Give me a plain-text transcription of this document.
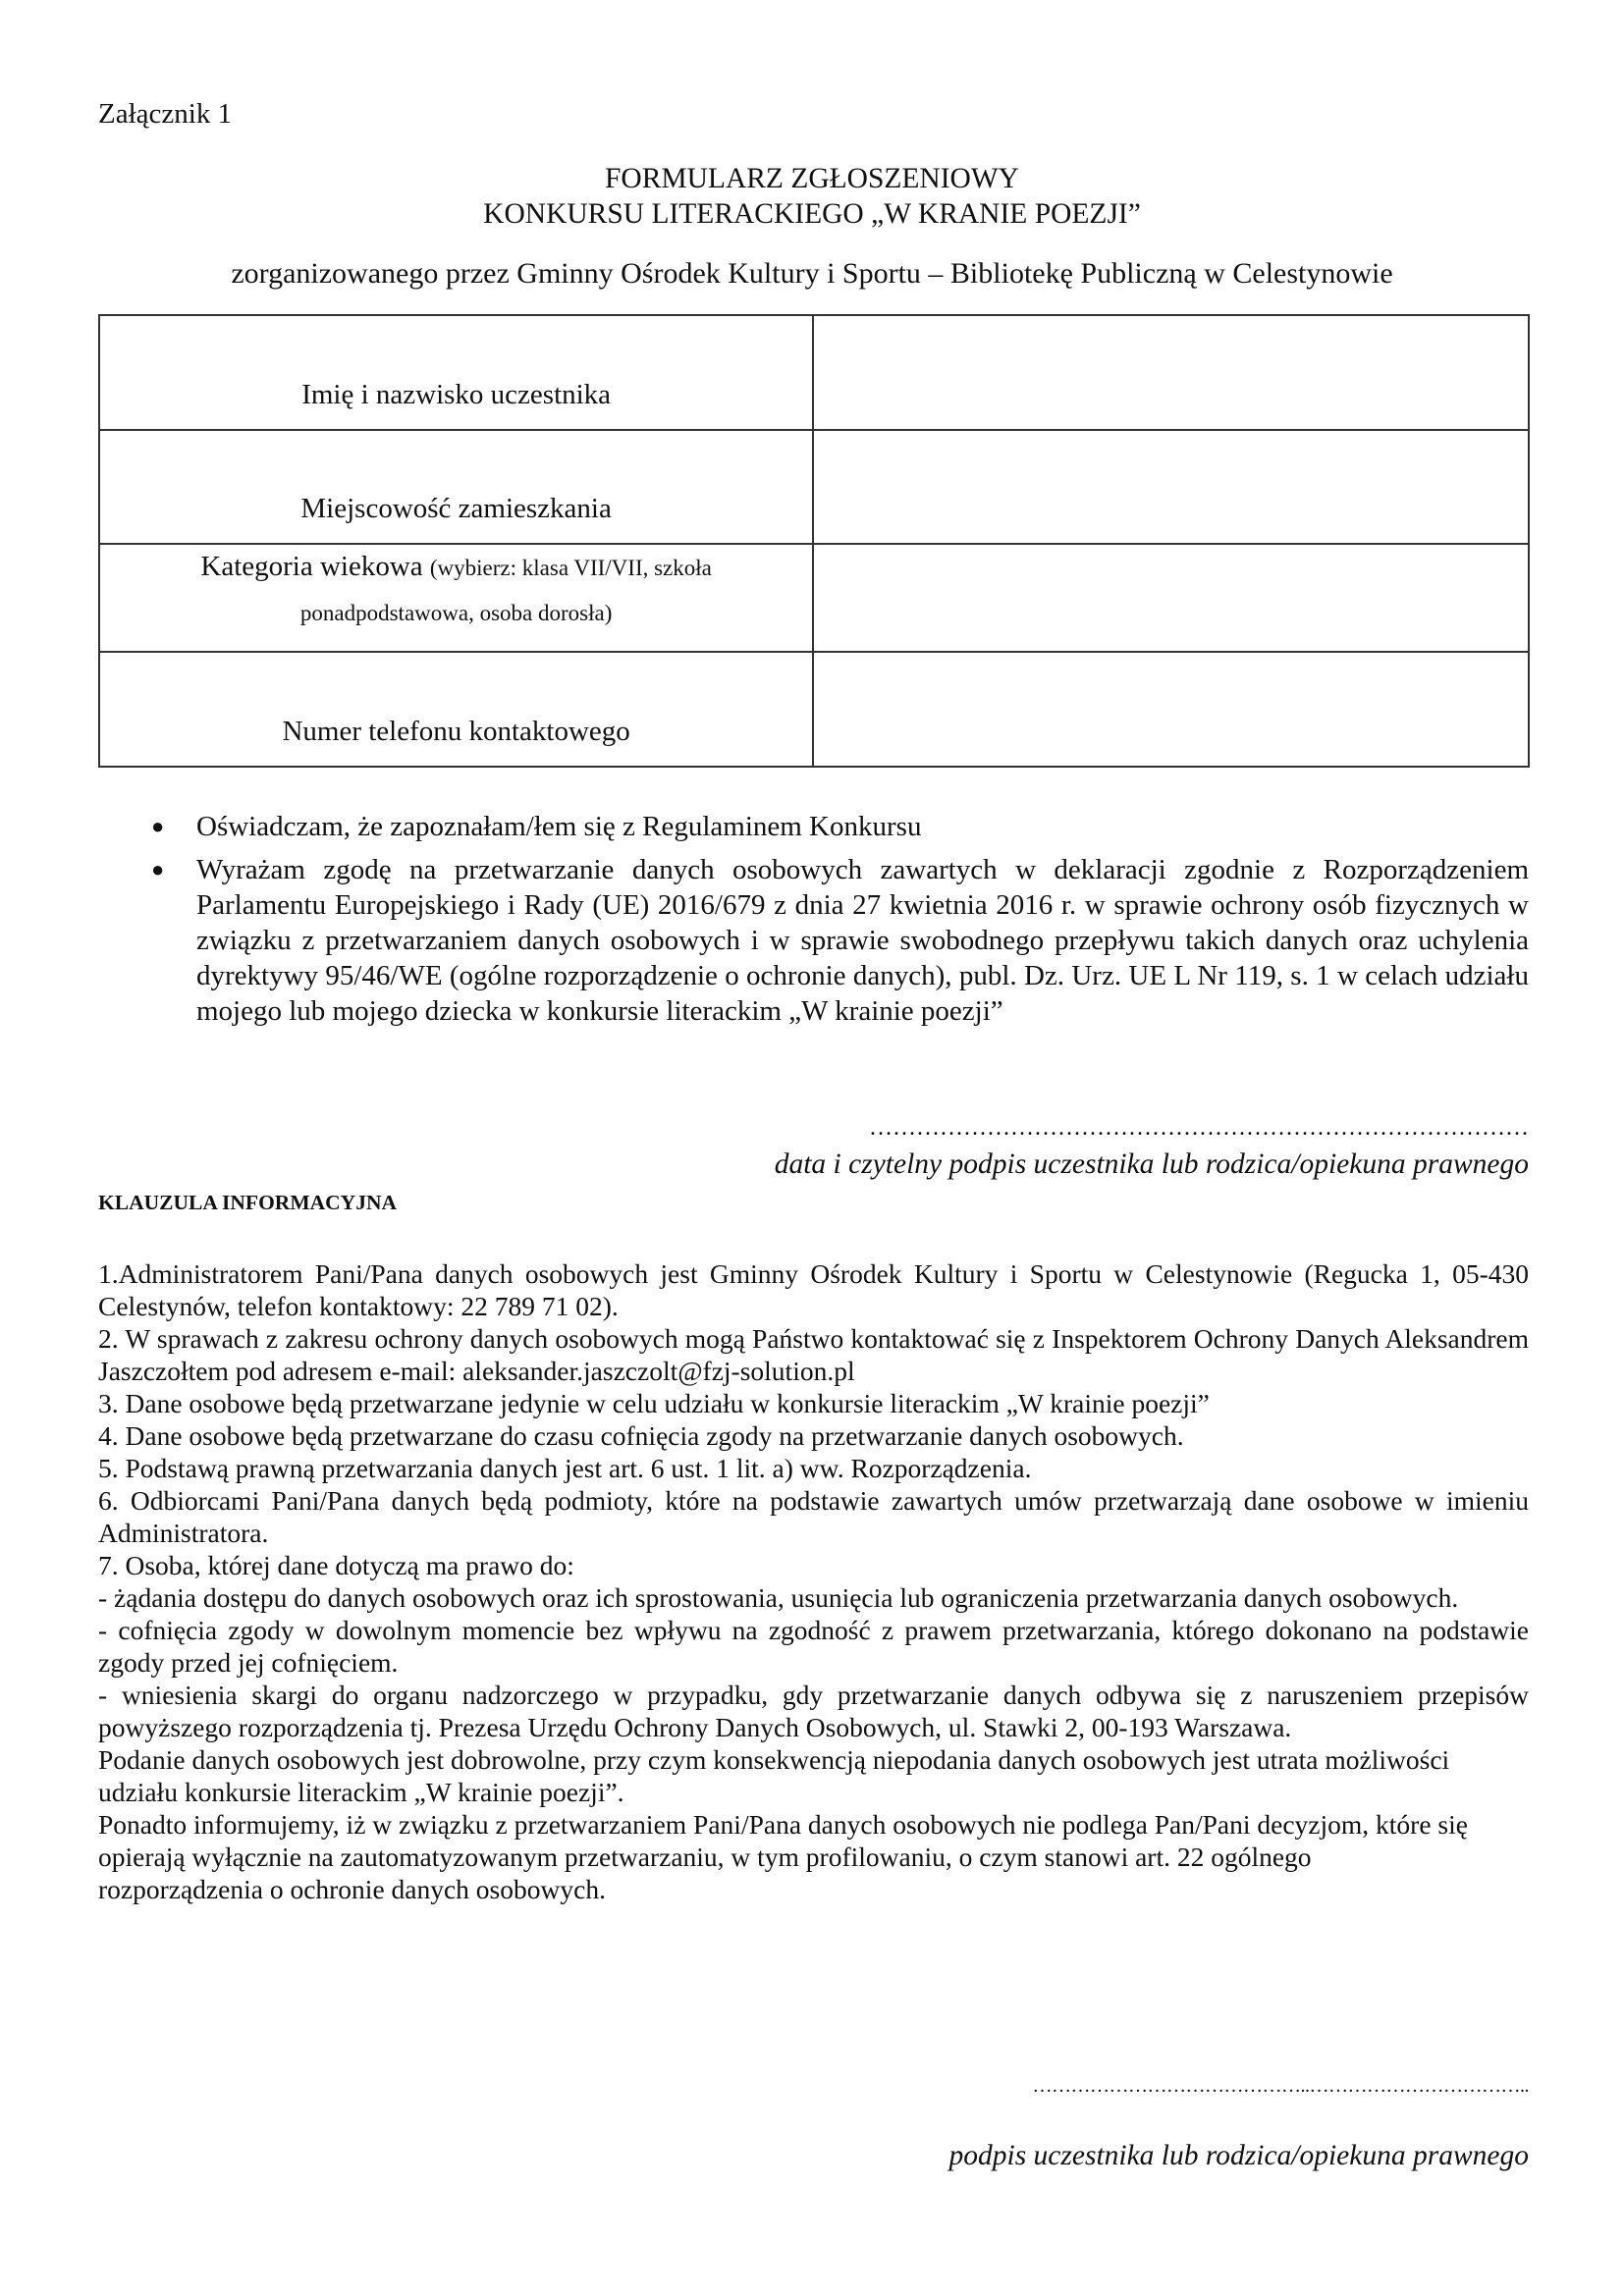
Załącznik 1
FORMULARZ ZGŁOSZENIOWY
KONKURSU LITERACKIEGO „W KRANIE POEZJI”
zorganizowanego przez Gminny Ośrodek Kultury i Sportu – Bibliotekę Publiczną w Celestynowie
Imię i nazwisko uczestnika	

Miejscowość zamieszkania	

Kategoria wiekowa (wybierz: klasa VII/VII, szkoła
ponadpodstawowa, osoba dorosła)	

Numer telefonu kontaktowego	

● Oświadczam, że zapoznałam/łem się z Regulaminem Konkursu
● Wyrażam zgodę na przetwarzanie danych osobowych zawartych w deklaracji zgodnie z Rozporządzeniem Parlamentu Europejskiego i Rady (UE) 2016/679 z dnia 27 kwietnia 2016 r. w sprawie ochrony osób fizycznych w związku z przetwarzaniem danych osobowych i w sprawie swobodnego przepływu takich danych oraz uchylenia dyrektywy 95/46/WE (ogólne rozporządzenie o ochronie danych), publ. Dz. Urz. UE L Nr 119, s. 1 w celach udziału mojego lub mojego dziecka w konkursie literackim „W krainie poezji”
…………………………………………………………………………
data i czytelny podpis uczestnika lub rodzica/opiekuna prawnego
KLAUZULA INFORMACYJNA

1.Administratorem Pani/Pana danych osobowych jest Gminny Ośrodek Kultury i Sportu w Celestynowie (Regucka 1, 05-430 Celestynów, telefon kontaktowy: 22 789 71 02).

2. W sprawach z zakresu ochrony danych osobowych mogą Państwo kontaktować się z Inspektorem Ochrony Danych Aleksandrem Jaszczołtem pod adresem e-mail: aleksander.jaszczolt@fzj-solution.pl

3. Dane osobowe będą przetwarzane jedynie w celu udziału w konkursie literackim „W krainie poezji”

4. Dane osobowe będą przetwarzane do czasu cofnięcia zgody na przetwarzanie danych osobowych.

5. Podstawą prawną przetwarzania danych jest art. 6 ust. 1 lit. a) ww. Rozporządzenia.

6. Odbiorcami Pani/Pana danych będą podmioty, które na podstawie zawartych umów przetwarzają dane osobowe w imieniu Administratora.

7. Osoba, której dane dotyczą ma prawo do:

- żądania dostępu do danych osobowych oraz ich sprostowania, usunięcia lub ograniczenia przetwarzania danych osobowych.

- cofnięcia zgody w dowolnym momencie bez wpływu na zgodność z prawem przetwarzania, którego dokonano na podstawie zgody przed jej cofnięciem.

- wniesienia skargi do organu nadzorczego w przypadku, gdy przetwarzanie danych odbywa się z naruszeniem przepisów powyższego rozporządzenia tj. Prezesa Urzędu Ochrony Danych Osobowych, ul. Stawki 2, 00-193 Warszawa.

Podanie danych osobowych jest dobrowolne, przy czym konsekwencją niepodania danych osobowych jest utrata możliwości udziału konkursie literackim „W krainie poezji”.

Ponadto informujemy, iż w związku z przetwarzaniem Pani/Pana danych osobowych nie podlega Pan/Pani decyzjom, które się opierają wyłącznie na zautomatyzowanym przetwarzaniu, w tym profilowaniu, o czym stanowi art. 22 ogólnego rozporządzenia o ochronie danych osobowych.

……………………………………..……………………………..
podpis uczestnika lub rodzica/opiekuna prawnego
